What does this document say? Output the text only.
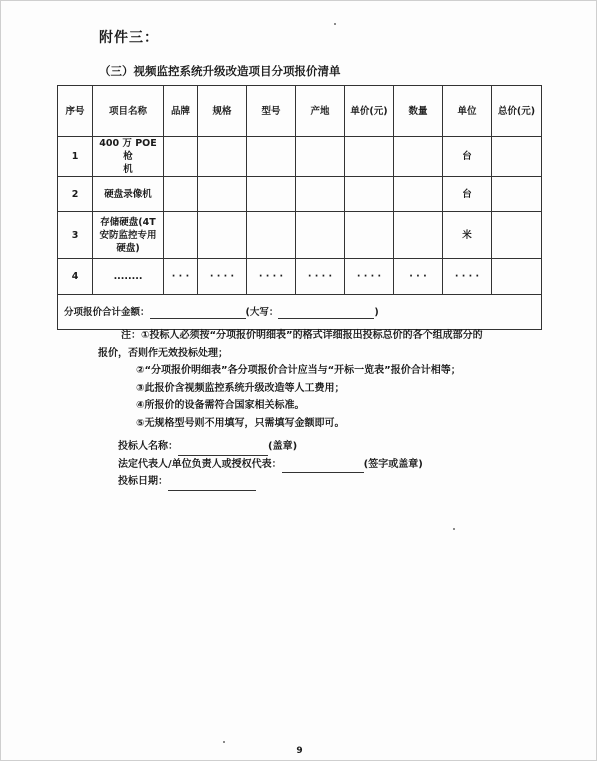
附件三：
（三）视频监控系统升级改造项目分项报价清单
序号	项目名称	品牌	规格	型号	产地	单价(元)	数量	单位	总价(元)
1	400 万 POE 枪
机							台	
2	硬盘录像机							台	
3	存储硬盘(4T
安防监控专用
硬盘)							米	
4	........	· · ·	· · · ·	· · · ·	· · · ·	· · · ·	· · ·	· · · ·	
分项报价合计金额： (大写： )									
注：①投标人必须按“分项报价明细表”的格式详细报出投标总价的各个组成部分的
报价，否则作无效投标处理；
②“分项报价明细表”各分项报价合计应当与“开标一览表”报价合计相等；
③此报价含视频监控系统升级改造等人工费用；
④所报价的设备需符合国家相关标准。
⑤无规格型号则不用填写，只需填写金额即可。
投标人名称：	(盖章)
法定代表人/单位负责人或授权代表：	(签字或盖章)
投标日期：
9
